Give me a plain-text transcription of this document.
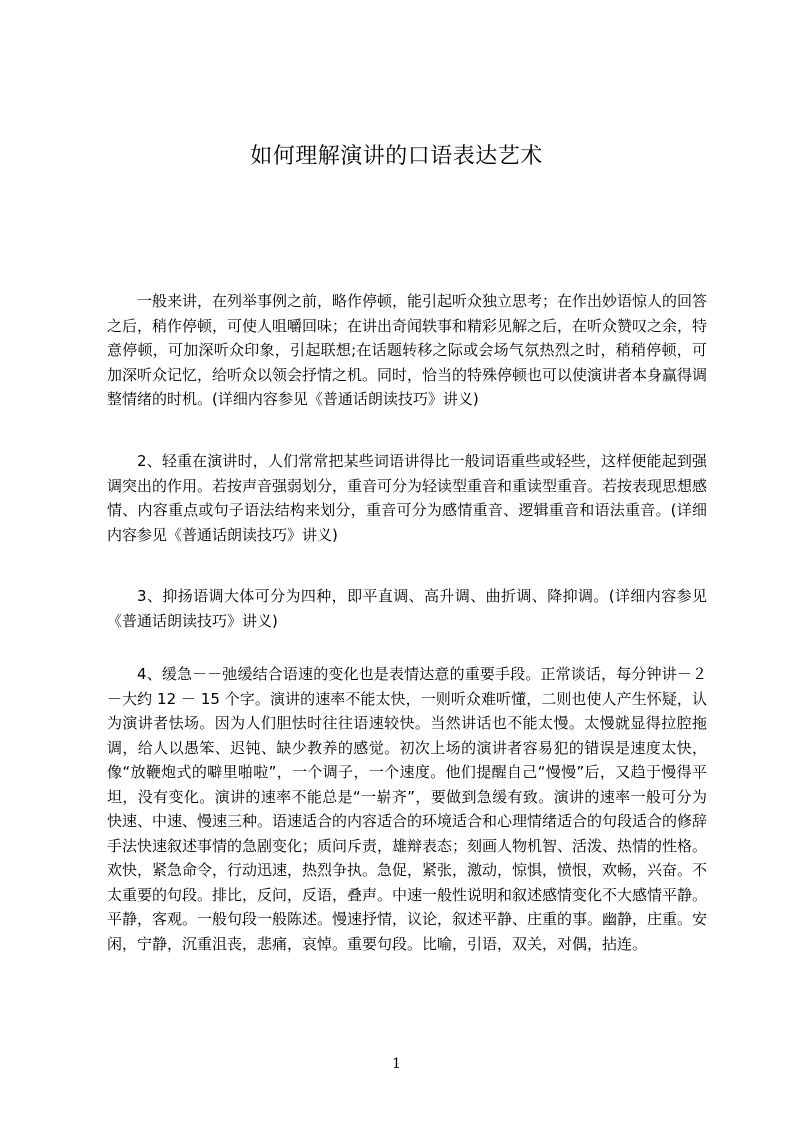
如何理解演讲的口语表达艺术

一般来讲，在列举事例之前，略作停顿，能引起听众独立思考；在作出妙语惊人的回答之后，稍作停顿，可使人咀嚼回味；在讲出奇闻轶事和精彩见解之后，在听众赞叹之余，特意停顿，可加深听众印象，引起联想;在话题转移之际或会场气氛热烈之时，稍稍停顿，可加深听众记忆，给听众以领会抒情之机。同时，恰当的特殊停顿也可以使演讲者本身赢得调整情绪的时机。(详细内容参见《普通话朗读技巧》讲义)

2、轻重在演讲时，人们常常把某些词语讲得比一般词语重些或轻些，这样便能起到强调突出的作用。若按声音强弱划分，重音可分为轻读型重音和重读型重音。若按表现思想感情、内容重点或句子语法结构来划分，重音可分为感情重音、逻辑重音和语法重音。(详细内容参见《普通话朗读技巧》讲义)

3、抑扬语调大体可分为四种，即平直调、高升调、曲折调、降抑调。(详细内容参见《普通话朗读技巧》讲义)

4、缓急－－弛缓结合语速的变化也是表情达意的重要手段。正常谈话，每分钟讲－２－大约 12 － 15 个字。演讲的速率不能太快，一则听众难听懂，二则也使人产生怀疑，认为演讲者怯场。因为人们胆怯时往往语速较快。当然讲话也不能太慢。太慢就显得拉腔拖调，给人以愚笨、迟钝、缺少教养的感觉。初次上场的演讲者容易犯的错误是速度太快，像“放鞭炮式的噼里啪啦”，一个调子，一个速度。他们提醒自己“慢慢”后，又趋于慢得平坦，没有变化。演讲的速率不能总是“一崭齐”，要做到急缓有致。演讲的速率一般可分为快速、中速、慢速三种。语速适合的内容适合的环境适合和心理情绪适合的句段适合的修辞手法快速叙述事情的急剧变化；质问斥责，雄辩表态；刻画人物机智、活泼、热情的性格。欢快，紧急命令，行动迅速，热烈争执。急促，紧张，激动，惊惧，愤恨，欢畅，兴奋。不太重要的句段。排比，反问，反语，叠声。中速一般性说明和叙述感情变化不大感情平静。平静，客观。一般句段一般陈述。慢速抒情，议论，叙述平静、庄重的事。幽静，庄重。安闲，宁静，沉重沮丧，悲痛，哀悼。重要句段。比喻，引语，双关，对偶，拈连。

1
